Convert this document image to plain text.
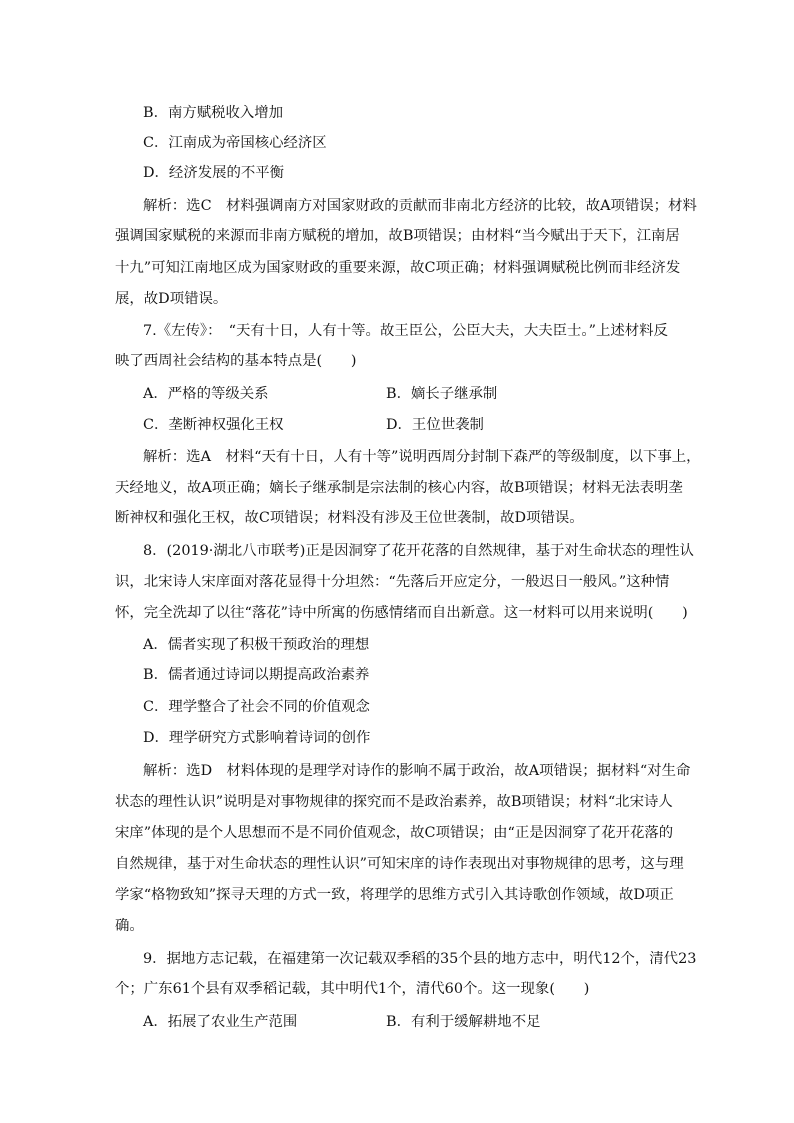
B．南方赋税收入增加
C．江南成为帝国核心经济区
D．经济发展的不平衡
解析：选C　材料强调南方对国家财政的贡献而非南北方经济的比较，故A项错误；材料
强调国家赋税的来源而非南方赋税的增加，故B项错误；由材料“当今赋出于天下，江南居
十九”可知江南地区成为国家财政的重要来源，故C项正确；材料强调赋税比例而非经济发
展，故D项错误。
7.《左传》：　“天有十日，人有十等。故王臣公，公臣大夫，大夫臣士。”上述材料反
映了西周社会结构的基本特点是(　　)
A．严格的等级关系	B．嫡长子继承制
C．垄断神权强化王权	D．王位世袭制
解析：选A　材料“天有十日，人有十等”说明西周分封制下森严的等级制度，以下事上，
天经地义，故A项正确；嫡长子继承制是宗法制的核心内容，故B项错误；材料无法表明垄
断神权和强化王权，故C项错误；材料没有涉及王位世袭制，故D项错误。
8．(2019·湖北八市联考)正是因洞穿了花开花落的自然规律，基于对生命状态的理性认
识，北宋诗人宋庠面对落花显得十分坦然：“先落后开应定分，一般迟日一般风。”这种情
怀，完全洗却了以往“落花”诗中所寓的伤感情绪而自出新意。这一材料可以用来说明(　　)
A．儒者实现了积极干预政治的理想
B．儒者通过诗词以期提高政治素养
C．理学整合了社会不同的价值观念
D．理学研究方式影响着诗词的创作
解析：选D　材料体现的是理学对诗作的影响不属于政治，故A项错误；据材料“对生命
状态的理性认识”说明是对事物规律的探究而不是政治素养，故B项错误；材料“北宋诗人
宋庠”体现的是个人思想而不是不同价值观念，故C项错误；由“正是因洞穿了花开花落的
自然规律，基于对生命状态的理性认识”可知宋庠的诗作表现出对事物规律的思考，这与理
学家“格物致知”探寻天理的方式一致，将理学的思维方式引入其诗歌创作领域，故D项正
确。
9．据地方志记载，在福建第一次记载双季稻的35个县的地方志中，明代12个，清代23
个；广东61个县有双季稻记载，其中明代1个，清代60个。这一现象(　　)
A．拓展了农业生产范围	B．有利于缓解耕地不足
